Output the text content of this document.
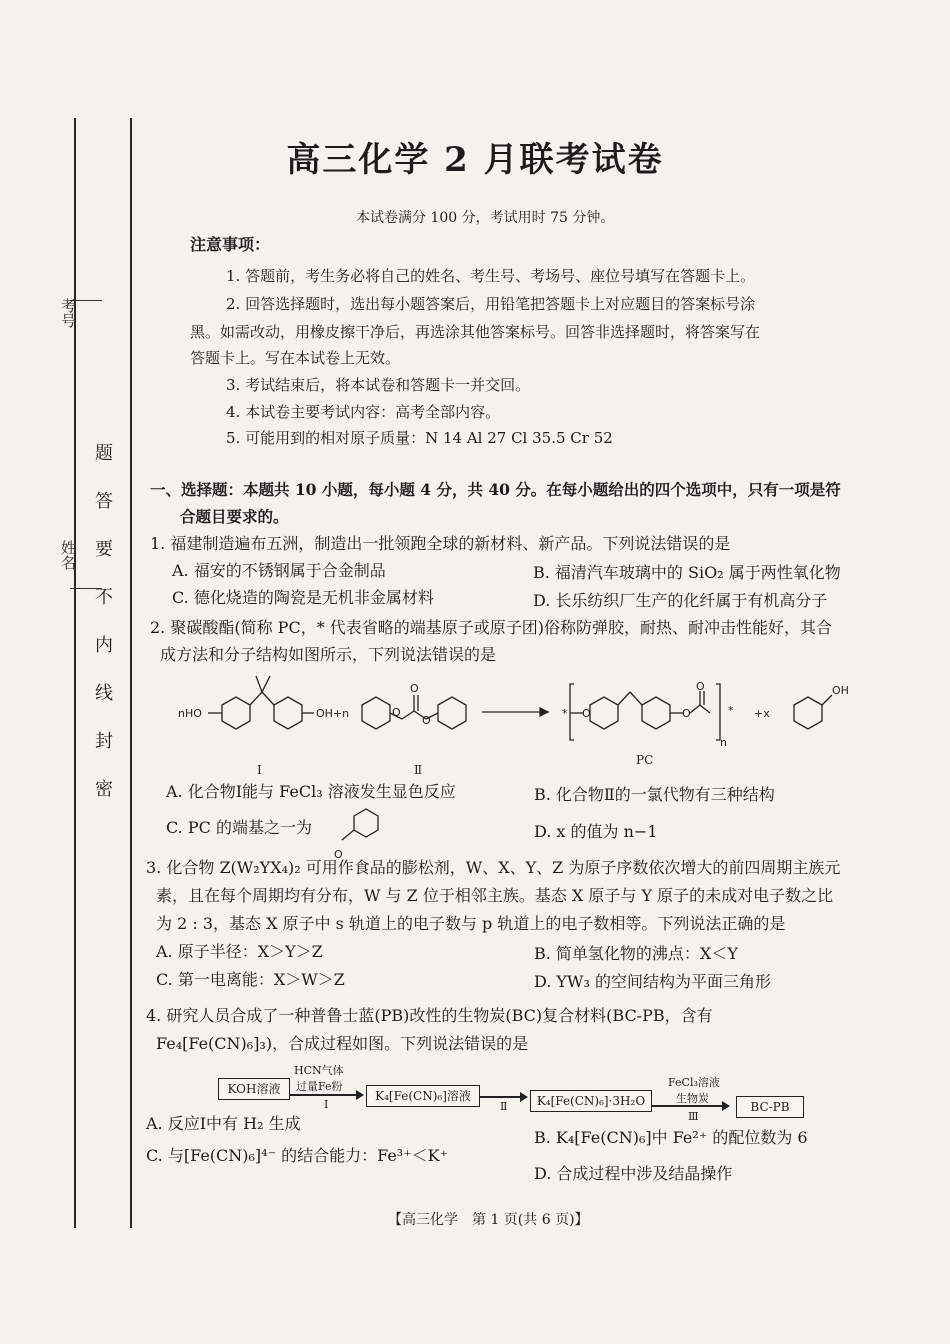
考号
姓名
题
答
要
不
内
线
封
密
高三化学 2 月联考试卷
本试卷满分 100 分，考试用时 75 分钟。
注意事项：
1. 答题前，考生务必将自己的姓名、考生号、考场号、座位号填写在答题卡上。
2. 回答选择题时，选出每小题答案后，用铅笔把答题卡上对应题目的答案标号涂
黑。如需改动，用橡皮擦干净后，再选涂其他答案标号。回答非选择题时，将答案写在
答题卡上。写在本试卷上无效。
3. 考试结束后，将本试卷和答题卡一并交回。
4. 本试卷主要考试内容：高考全部内容。
5. 可能用到的相对原子质量：N 14 Al 27 Cl 35.5 Cr 52
一、选择题：本题共 10 小题，每小题 4 分，共 40 分。在每小题给出的四个选项中，只有一项是符
合题目要求的。
1. 福建制造遍布五洲，制造出一批领跑全球的新材料、新产品。下列说法错误的是
A. 福安的不锈钢属于合金制品	B. 福清汽车玻璃中的 SiO₂ 属于两性氧化物
C. 德化烧造的陶瓷是无机非金属材料	D. 长乐纺织厂生产的化纤属于有机高分子
2. 聚碳酸酯(简称 PC，* 代表省略的端基原子或原子团)俗称防弹胶，耐热、耐冲击性能好，其合
成方法和分子结构如图所示，下列说法错误的是
nHO	OH+n	O
O
O
* O	O
O
n
* +x
OH
Ⅰ	Ⅱ
PC
A. 化合物Ⅰ能与 FeCl₃ 溶液发生显色反应	B. 化合物Ⅱ的一氯代物有三种结构
C. PC 的端基之一为
O
D. x 的值为 n−1
3. 化合物 Z(W₂YX₄)₂ 可用作食品的膨松剂，W、X、Y、Z 为原子序数依次增大的前四周期主族元
素，且在每个周期均有分布，W 与 Z 位于相邻主族。基态 X 原子与 Y 原子的未成对电子数之比
为 2 : 3，基态 X 原子中 s 轨道上的电子数与 p 轨道上的电子数相等。下列说法正确的是
A. 原子半径：X＞Y＞Z	B. 简单氢化物的沸点：X＜Y
C. 第一电离能：X＞W＞Z	D. YW₃ 的空间结构为平面三角形
4. 研究人员合成了一种普鲁士蓝(PB)改性的生物炭(BC)复合材料(BC-PB，含有
Fe₄[Fe(CN)₆]₃)，合成过程如图。下列说法错误的是
KOH溶液
HCN气体
过量Fe粉
Ⅰ
K₄[Fe(CN)₆]溶液
Ⅱ	K₄[Fe(CN)₆]·3H₂O
FeCl₃溶液
生物炭
Ⅲ
BC-PB
A. 反应Ⅰ中有 H₂ 生成
B. K₄[Fe(CN)₆]中 Fe²⁺ 的配位数为 6
C. 与[Fe(CN)₆]⁴⁻ 的结合能力：Fe³⁺＜K⁺
D. 合成过程中涉及结晶操作
【高三化学　第 1 页(共 6 页)】
